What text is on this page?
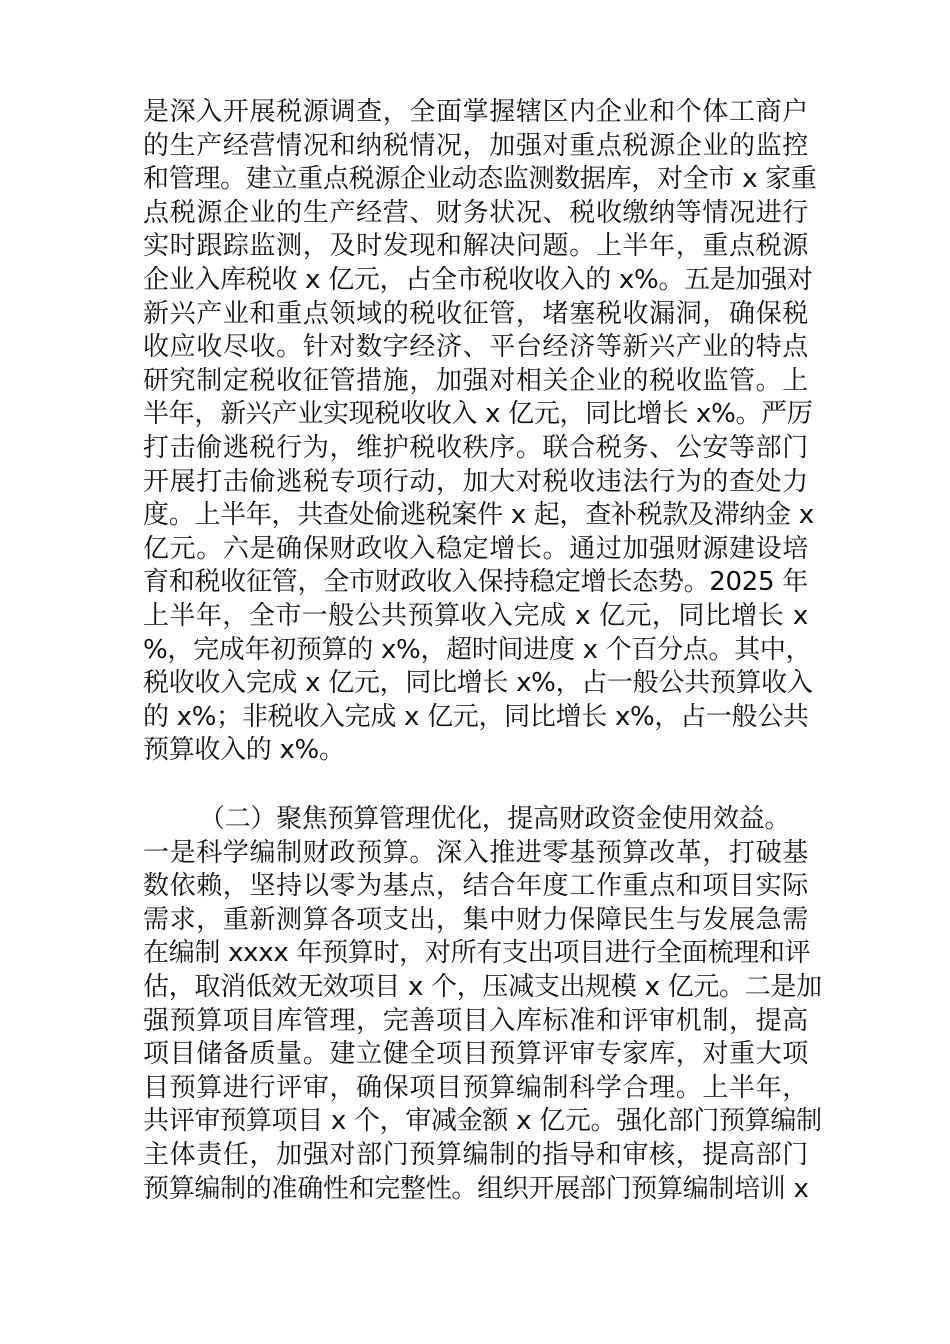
是深入开展税源调查，全面掌握辖区内企业和个体工商户
的生产经营情况和纳税情况，加强对重点税源企业的监控
和管理。建立重点税源企业动态监测数据库，对全市 x 家重
点税源企业的生产经营、财务状况、税收缴纳等情况进行
实时跟踪监测，及时发现和解决问题。上半年，重点税源
企业入库税收 x 亿元，占全市税收收入的 x%。五是加强对
新兴产业和重点领域的税收征管，堵塞税收漏洞，确保税
收应收尽收。针对数字经济、平台经济等新兴产业的特点
研究制定税收征管措施，加强对相关企业的税收监管。上
半年，新兴产业实现税收收入 x 亿元，同比增长 x%。严厉
打击偷逃税行为，维护税收秩序。联合税务、公安等部门
开展打击偷逃税专项行动，加大对税收违法行为的查处力
度。上半年，共查处偷逃税案件 x 起，查补税款及滞纳金 x
亿元。六是确保财政收入稳定增长。通过加强财源建设培
育和税收征管，全市财政收入保持稳定增长态势。2025 年
上半年，全市一般公共预算收入完成 x 亿元，同比增长 x
%，完成年初预算的 x%，超时间进度 x 个百分点。其中，
税收收入完成 x 亿元，同比增长 x%，占一般公共预算收入
的 x%；非税收入完成 x 亿元，同比增长 x%，占一般公共
预算收入的 x%。
（二）聚焦预算管理优化，提高财政资金使用效益。
一是科学编制财政预算。深入推进零基预算改革，打破基
数依赖，坚持以零为基点，结合年度工作重点和项目实际
需求，重新测算各项支出，集中财力保障民生与发展急需
在编制 xxxx 年预算时，对所有支出项目进行全面梳理和评
估，取消低效无效项目 x 个，压减支出规模 x 亿元。二是加
强预算项目库管理，完善项目入库标准和评审机制，提高
项目储备质量。建立健全项目预算评审专家库，对重大项
目预算进行评审，确保项目预算编制科学合理。上半年，
共评审预算项目 x 个，审减金额 x 亿元。强化部门预算编制
主体责任，加强对部门预算编制的指导和审核，提高部门
预算编制的准确性和完整性。组织开展部门预算编制培训 x
